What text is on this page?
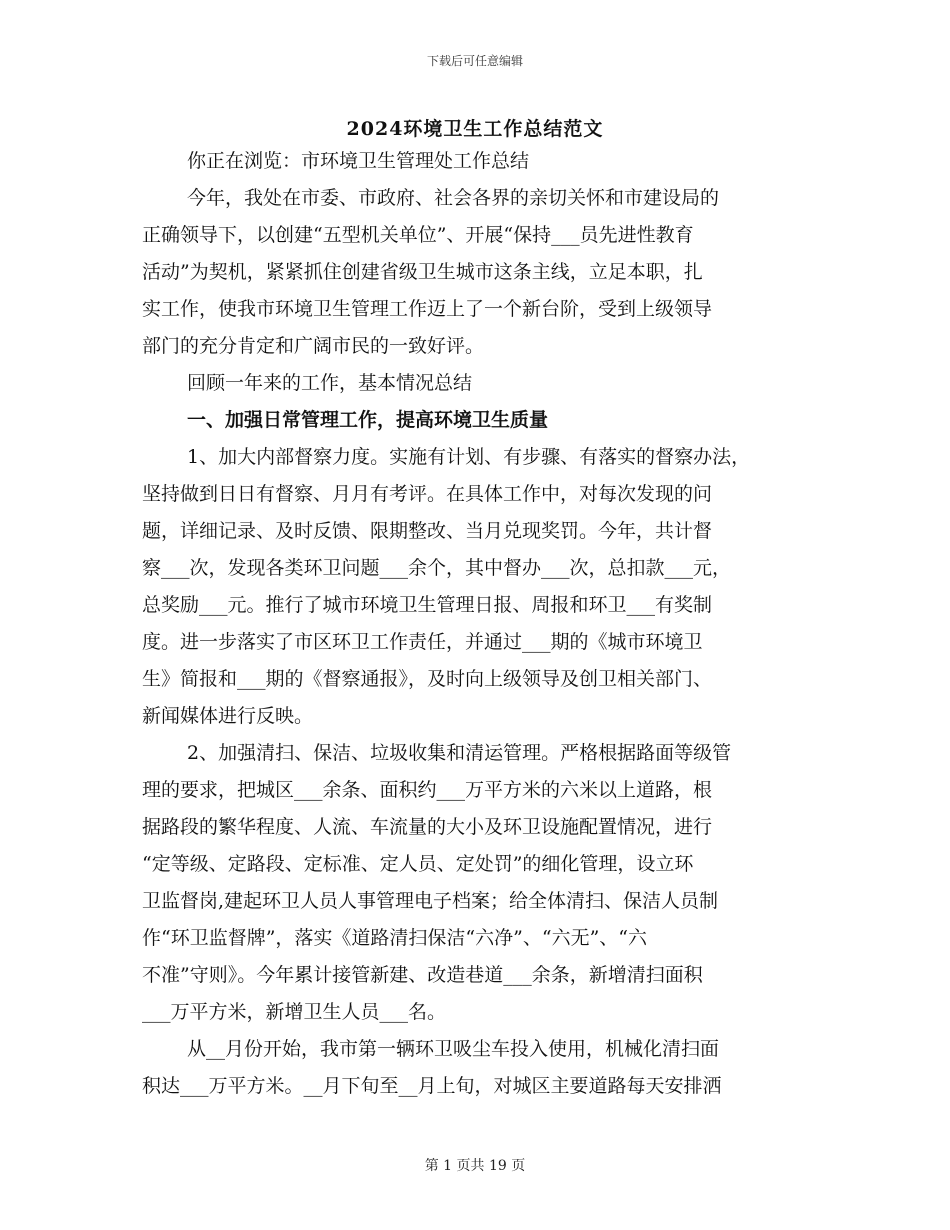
下载后可任意编辑
2024环境卫生工作总结范文
你正在浏览：市环境卫生管理处工作总结
今年，我处在市委、市政府、社会各界的亲切关怀和市建设局的
正确领导下，以创建“五型机关单位”、开展“保持___员先进性教育
活动”为契机，紧紧抓住创建省级卫生城市这条主线，立足本职，扎
实工作，使我市环境卫生管理工作迈上了一个新台阶，受到上级领导
部门的充分肯定和广阔市民的一致好评。
回顾一年来的工作，基本情况总结
一、加强日常管理工作，提高环境卫生质量
1、加大内部督察力度。实施有计划、有步骤、有落实的督察办法，
坚持做到日日有督察、月月有考评。在具体工作中，对每次发现的问
题，详细记录、及时反馈、限期整改、当月兑现奖罚。今年，共计督
察___次，发现各类环卫问题___余个，其中督办___次，总扣款___元，
总奖励___元。推行了城市环境卫生管理日报、周报和环卫___有奖制
度。进一步落实了市区环卫工作责任，并通过___期的《城市环境卫
生》简报和___期的《督察通报》，及时向上级领导及创卫相关部门、
新闻媒体进行反映。
2、加强清扫、保洁、垃圾收集和清运管理。严格根据路面等级管
理的要求，把城区___余条、面积约___万平方米的六米以上道路，根
据路段的繁华程度、人流、车流量的大小及环卫设施配置情况，进行
“定等级、定路段、定标准、定人员、定处罚”的细化管理，设立环
卫监督岗,建起环卫人员人事管理电子档案；给全体清扫、保洁人员制
作“环卫监督牌”，落实《道路清扫保洁“六净”、“六无”、“六
不准”守则》。今年累计接管新建、改造巷道___余条，新增清扫面积
___万平方米，新增卫生人员___名。
从__月份开始，我市第一辆环卫吸尘车投入使用，机械化清扫面
积达___万平方米。__月下旬至__月上旬，对城区主要道路每天安排洒
第 1 页共 19 页
